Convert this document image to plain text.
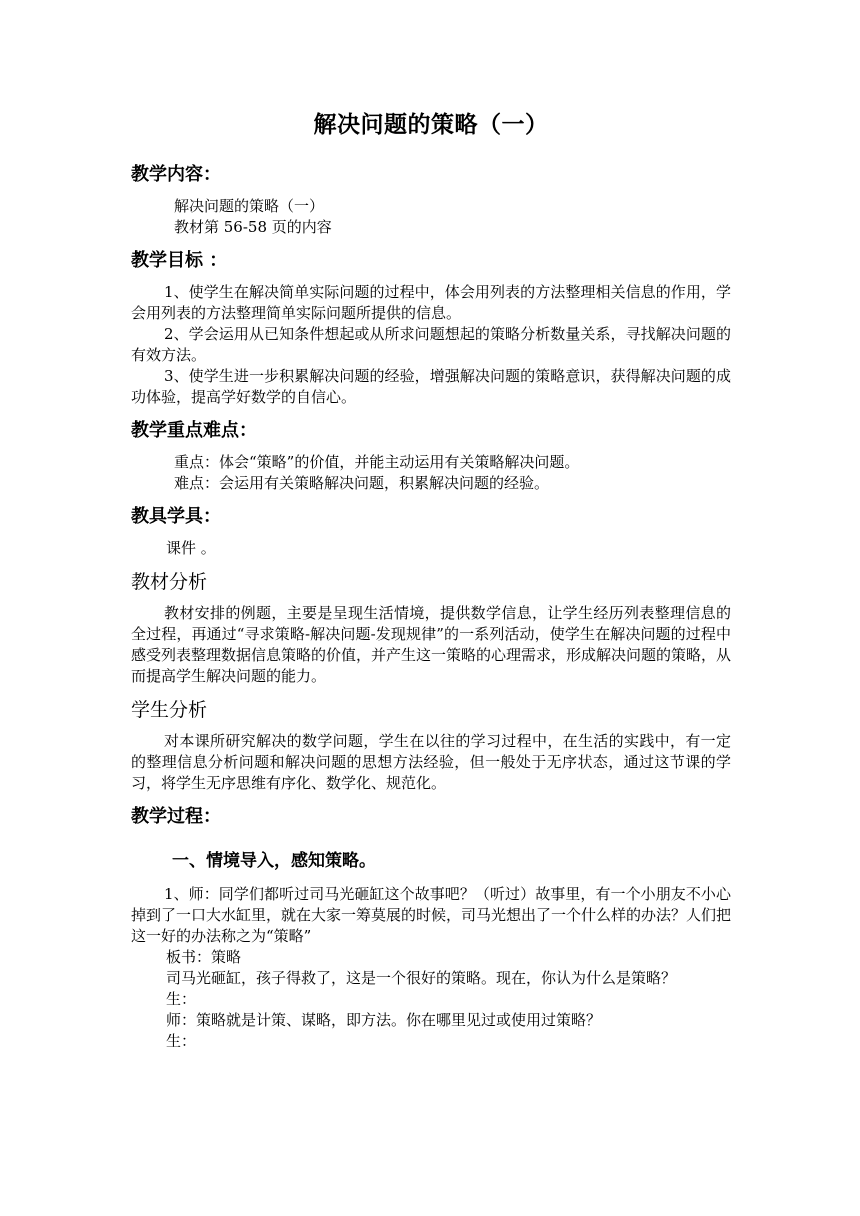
解决问题的策略（一）
教学内容：
解决问题的策略（一）
教材第 56-58 页的内容
教学目标 ：

1、使学生在解决简单实际问题的过程中，体会用列表的方法整理相关信息的作用，学会用列表的方法整理简单实际问题所提供的信息。

2、学会运用从已知条件想起或从所求问题想起的策略分析数量关系，寻找解决问题的有效方法。

3、使学生进一步积累解决问题的经验，增强解决问题的策略意识，获得解决问题的成功体验，提高学好数学的自信心。

教学重点难点：
重点：体会“策略”的价值，并能主动运用有关策略解决问题。
难点：会运用有关策略解决问题，积累解决问题的经验。
教具学具：

课件 。

教材分析

教材安排的例题，主要是呈现生活情境，提供数学信息，让学生经历列表整理信息的全过程，再通过“寻求策略-解决问题-发现规律”的一系列活动，使学生在解决问题的过程中感受列表整理数据信息策略的价值，并产生这一策略的心理需求，形成解决问题的策略，从而提高学生解决问题的能力。

学生分析

对本课所研究解决的数学问题，学生在以往的学习过程中，在生活的实践中，有一定的整理信息分析问题和解决问题的思想方法经验，但一般处于无序状态，通过这节课的学习，将学生无序思维有序化、数学化、规范化。

教学过程：
一、情境导入，感知策略。

1、师：同学们都听过司马光砸缸这个故事吧？（听过）故事里，有一个小朋友不小心掉到了一口大水缸里，就在大家一筹莫展的时候，司马光想出了一个什么样的办法？人们把这一好的办法称之为“策略”

板书：策略
司马光砸缸，孩子得救了，这是一个很好的策略。现在，你认为什么是策略？
生：
师：策略就是计策、谋略，即方法。你在哪里见过或使用过策略？
生：
